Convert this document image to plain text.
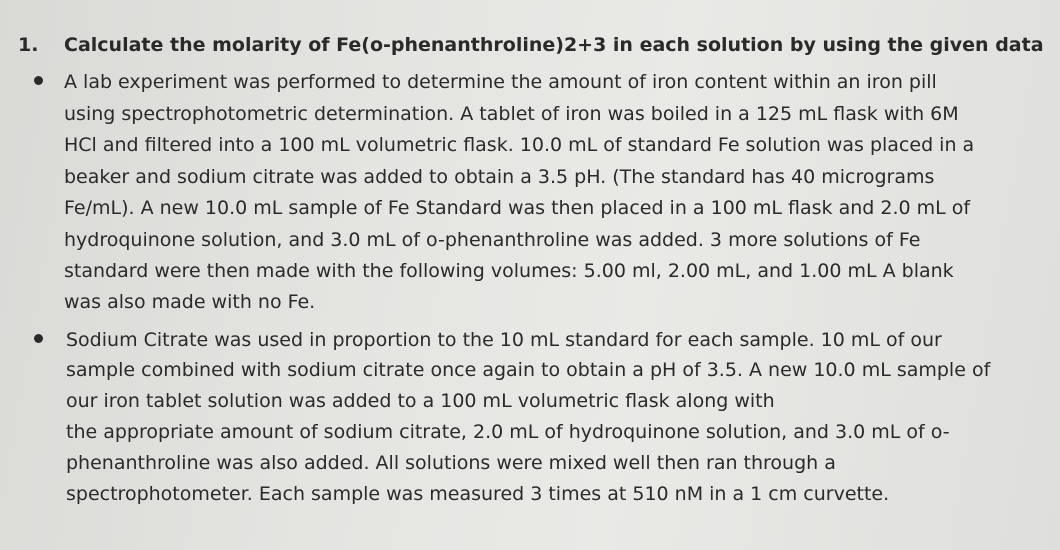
1. Calculate the molarity of Fe(o-phenanthroline)2+3 in each solution by using the given data
A lab experiment was performed to determine the amount of iron content within an iron pill
using spectrophotometric determination. A tablet of iron was boiled in a 125 mL flask with 6M
HCl and filtered into a 100 mL volumetric flask. 10.0 mL of standard Fe solution was placed in a
beaker and sodium citrate was added to obtain a 3.5 pH. (The standard has 40 micrograms
Fe/mL). A new 10.0 mL sample of Fe Standard was then placed in a 100 mL flask and 2.0 mL of
hydroquinone solution, and 3.0 mL of o-phenanthroline was added. 3 more solutions of Fe
standard were then made with the following volumes: 5.00 ml, 2.00 mL, and 1.00 mL A blank
was also made with no Fe.
Sodium Citrate was used in proportion to the 10 mL standard for each sample. 10 mL of our
sample combined with sodium citrate once again to obtain a pH of 3.5. A new 10.0 mL sample of
our iron tablet solution was added to a 100 mL volumetric flask along with
the appropriate amount of sodium citrate, 2.0 mL of hydroquinone solution, and 3.0 mL of o-
phenanthroline was also added. All solutions were mixed well then ran through a
spectrophotometer. Each sample was measured 3 times at 510 nM in a 1 cm curvette.
